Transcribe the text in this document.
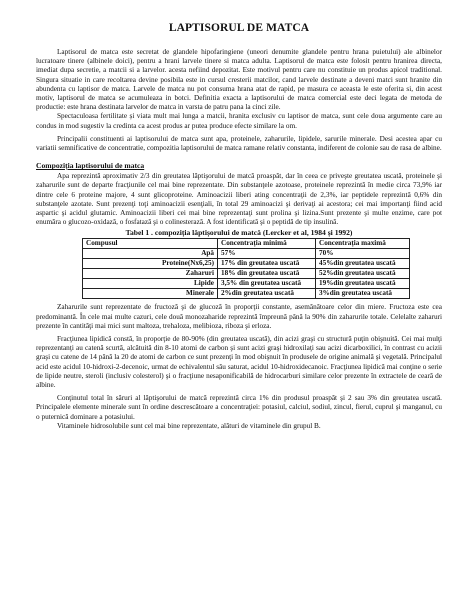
LAPTISORUL DE MATCA

Laptisorul de matca este secretat de glandele hipofaringiene (uneori denumite glandele pentru hrana puietului) ale albinelor lucratoare tinere (albinele doici), pentru a hrani larvele tinere si matca adulta. Laptisorul de matca este folosit pentru hranirea directa, imediat dupa secretie, a matcii si a larvelor. acesta nefiind depozitat. Este motivul pentru care nu constituie un produs apicol traditional. Singura situatie in care recoltarea devine posibila este in cursul cresterii matcilor, cand larvele destinate a deveni matci sunt hranite din abundenta cu laptisor de matca. Larvele de matca nu pot consuma hrana atat de rapid, pe masura ce aceasta le este oferita si, din acest motiv, laptisorul de matca se acumuleaza in botci. Definitia exacta a laptisorului de matca comercial este deci legata de metoda de productie: este hrana destinata larvelor de matca in varsta de patru pana la cinci zile.

Spectaculoasa fertilitate și viata mult mai lunga a matcii, hranita exclusiv cu laptisor de matca, sunt cele doua argumente care au condus in mod sugestiv la credinta ca acest produs ar putea produce efecte similare la om.

Principalii constituenti ai laptisorului de matca sunt apa, proteinele, zaharurile, lipidele, sarurile minerale. Desi acestea apar cu variatii semnificative de concentratie, compozitia laptisorului de matca ramane relativ constanta, indiferent de colonie sau de rasa de albine.

Compoziția laptisorului de matca

Apa reprezintă aproximativ 2/3 din greutatea lăptişorului de matcă proaspăt, dar în ceea ce priveşte greutatea uscată, proteinele şi zaharurile sunt de departe fracţiunile cel mai bine reprezentate. Din substanţele azotoase, proteinele reprezintă în medie circa 73,9% iar dintre cele 6 proteine majore, 4 sunt glicoproteine. Aminoacizii liberi ating concentraţii de 2,3%, iar peptidele reprezintă 0,6% din substanţele azotate. Sunt prezenţi toţi aminoacizii esenţiali, în total 29 aminoacizi şi derivaţi ai acestora; cei mai importanţi fiind acid aspartic şi acidul glutamic. Aminoacizii liberi cei mai bine reprezentaţi sunt prolina şi lizina.Sunt prezente şi multe enzime, care pot enumăra o glucozo-oxidază, o fosfatază şi o colinesterază. A fost identificată şi o peptidă de tip insulină.

Tabel 1 . compoziția lăptișorului de matcă (Lercker et al, 1984 și 1992)
Compusul	Concentrația minimă	Concentrația maximă
Apă	57%	70%
Proteine(Nx6,25)	17% din greutatea uscată	45%din greutatea uscată
Zaharuri	18% din greutatea uscată	52%din greutatea uscată
Lipide	3,5% din greutatea uscată	19%din greutatea uscată
Minerale	2%din greutatea uscată	3%din greutatea uscată

Zaharurile sunt reprezentate de fructoză şi de glucoză în proporţii constante, asemănătoare celor din miere. Fructoza este cea predominantă. În cele mai multe cazuri, cele două monozaharide reprezintă împreună până la 90% din zaharurile totale. Celelalte zaharuri prezente în cantităţi mai mici sunt maltoza, trehaloza, melibioza, riboza şi erloza.

Fracţiunea lipidică constă, în proporţie de 80-90% (din greutatea uscată), din acizi graşi cu structură puţin obişnuită. Cei mai mulţi reprezentanţi au catenă scurtă, alcătuită din 8-10 atomi de carbon şi sunt acizi graşi hidroxilaţi sau acizi dicarboxilici, în contrast cu acizii graşi cu catene de 14 până la 20 de atomi de carbon ce sunt prezenţi în mod obişnuit în produsele de origine animală şi vegetală. Principalul acid este acidul 10-hidroxi-2-decenoic, urmat de echivalentul său saturat, acidul 10-hidroxidecanoic. Fracţiunea lipidică mai conţine o serie de lipide neutre, steroli (inclusiv colesterol) şi o fracţiune nesaponificabilă de hidrocarburi similare celor prezente în extractele de ceară de albine.

Conţinutul total în săruri al lăptişorului de matcă reprezintă circa 1% din produsul proaspăt şi 2 sau 3% din greutatea uscată. Principalele elemente minerale sunt în ordine descrescătoare a concentraţiei: potasiul, calciul, sodiul, zincul, fierul, cuprul şi manganul, cu o puternică dominare a potasiului.

Vitaminele hidrosolubile sunt cel mai bine reprezentate, alături de vitaminele din grupul B.
